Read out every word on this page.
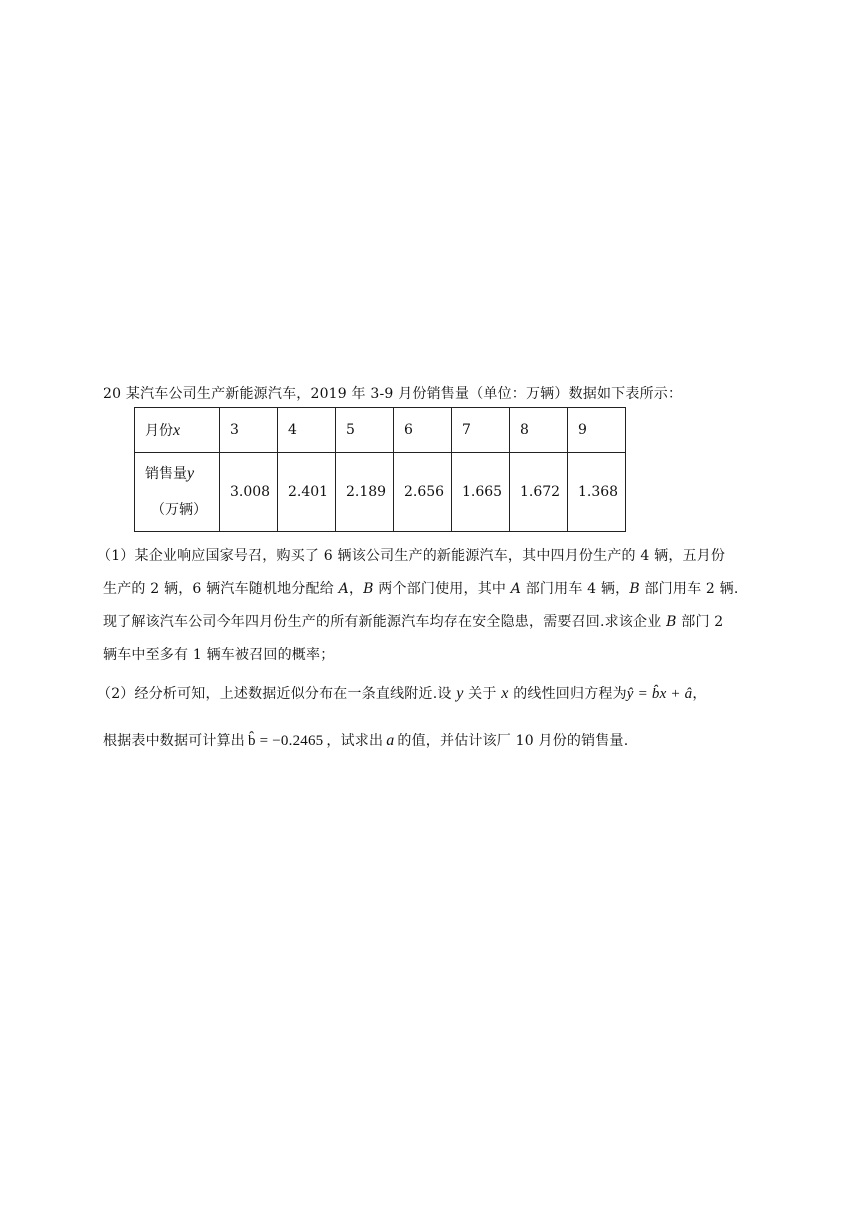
20 某汽车公司生产新能源汽车，2019 年 3-9 月份销售量（单位：万辆）数据如下表所示：
月份x	3	4	5	6	7	8	9
销售量y
（万辆）	3.008	2.401	2.189	2.656	1.665	1.672	1.368
（1）某企业响应国家号召，购买了 6 辆该公司生产的新能源汽车，其中四月份生产的 4 辆，五月份
生产的 2 辆，6 辆汽车随机地分配给 A，B 两个部门使用，其中 A 部门用车 4 辆，B 部门用车 2 辆.
现了解该汽车公司今年四月份生产的所有新能源汽车均存在安全隐患，需要召回.求该企业 B 部门 2
辆车中至多有 1 辆车被召回的概率；
（2）经分析可知，上述数据近似分布在一条直线附近.设 y 关于 x 的线性回归方程为ŷ = b̂x + â，
根据表中数据可计算出 b̂ = −0.2465 ，试求出 a 的值，并估计该厂 10 月份的销售量.
